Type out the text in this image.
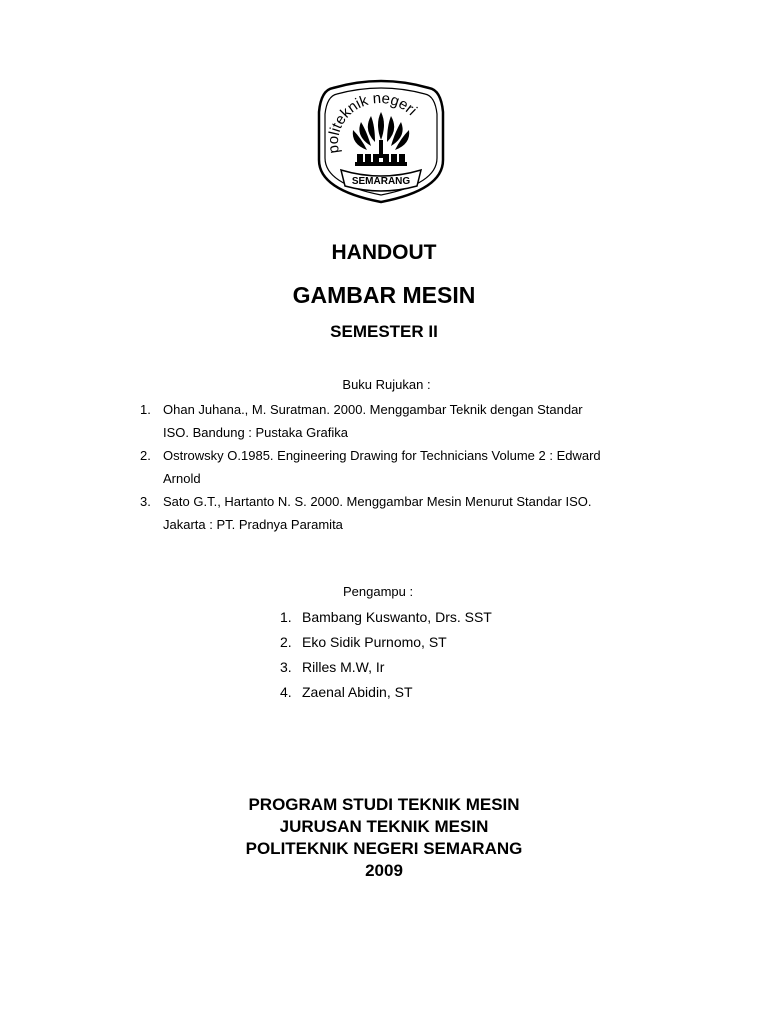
politeknik negeri
SEMARANG
HANDOUT
GAMBAR MESIN
SEMESTER II
Buku Rujukan :
1. Ohan Juhana., M. Suratman. 2000. Menggambar Teknik dengan Standar
ISO. Bandung : Pustaka Grafika
2. Ostrowsky O.1985. Engineering Drawing for Technicians Volume 2 : Edward
Arnold
3. Sato G.T., Hartanto N. S. 2000. Menggambar Mesin Menurut Standar ISO.
Jakarta : PT. Pradnya Paramita
Pengampu :
1. Bambang Kuswanto, Drs. SST
2. Eko Sidik Purnomo, ST
3. Rilles M.W, Ir
4. Zaenal Abidin, ST
PROGRAM STUDI TEKNIK MESIN
JURUSAN TEKNIK MESIN
POLITEKNIK NEGERI SEMARANG
2009
